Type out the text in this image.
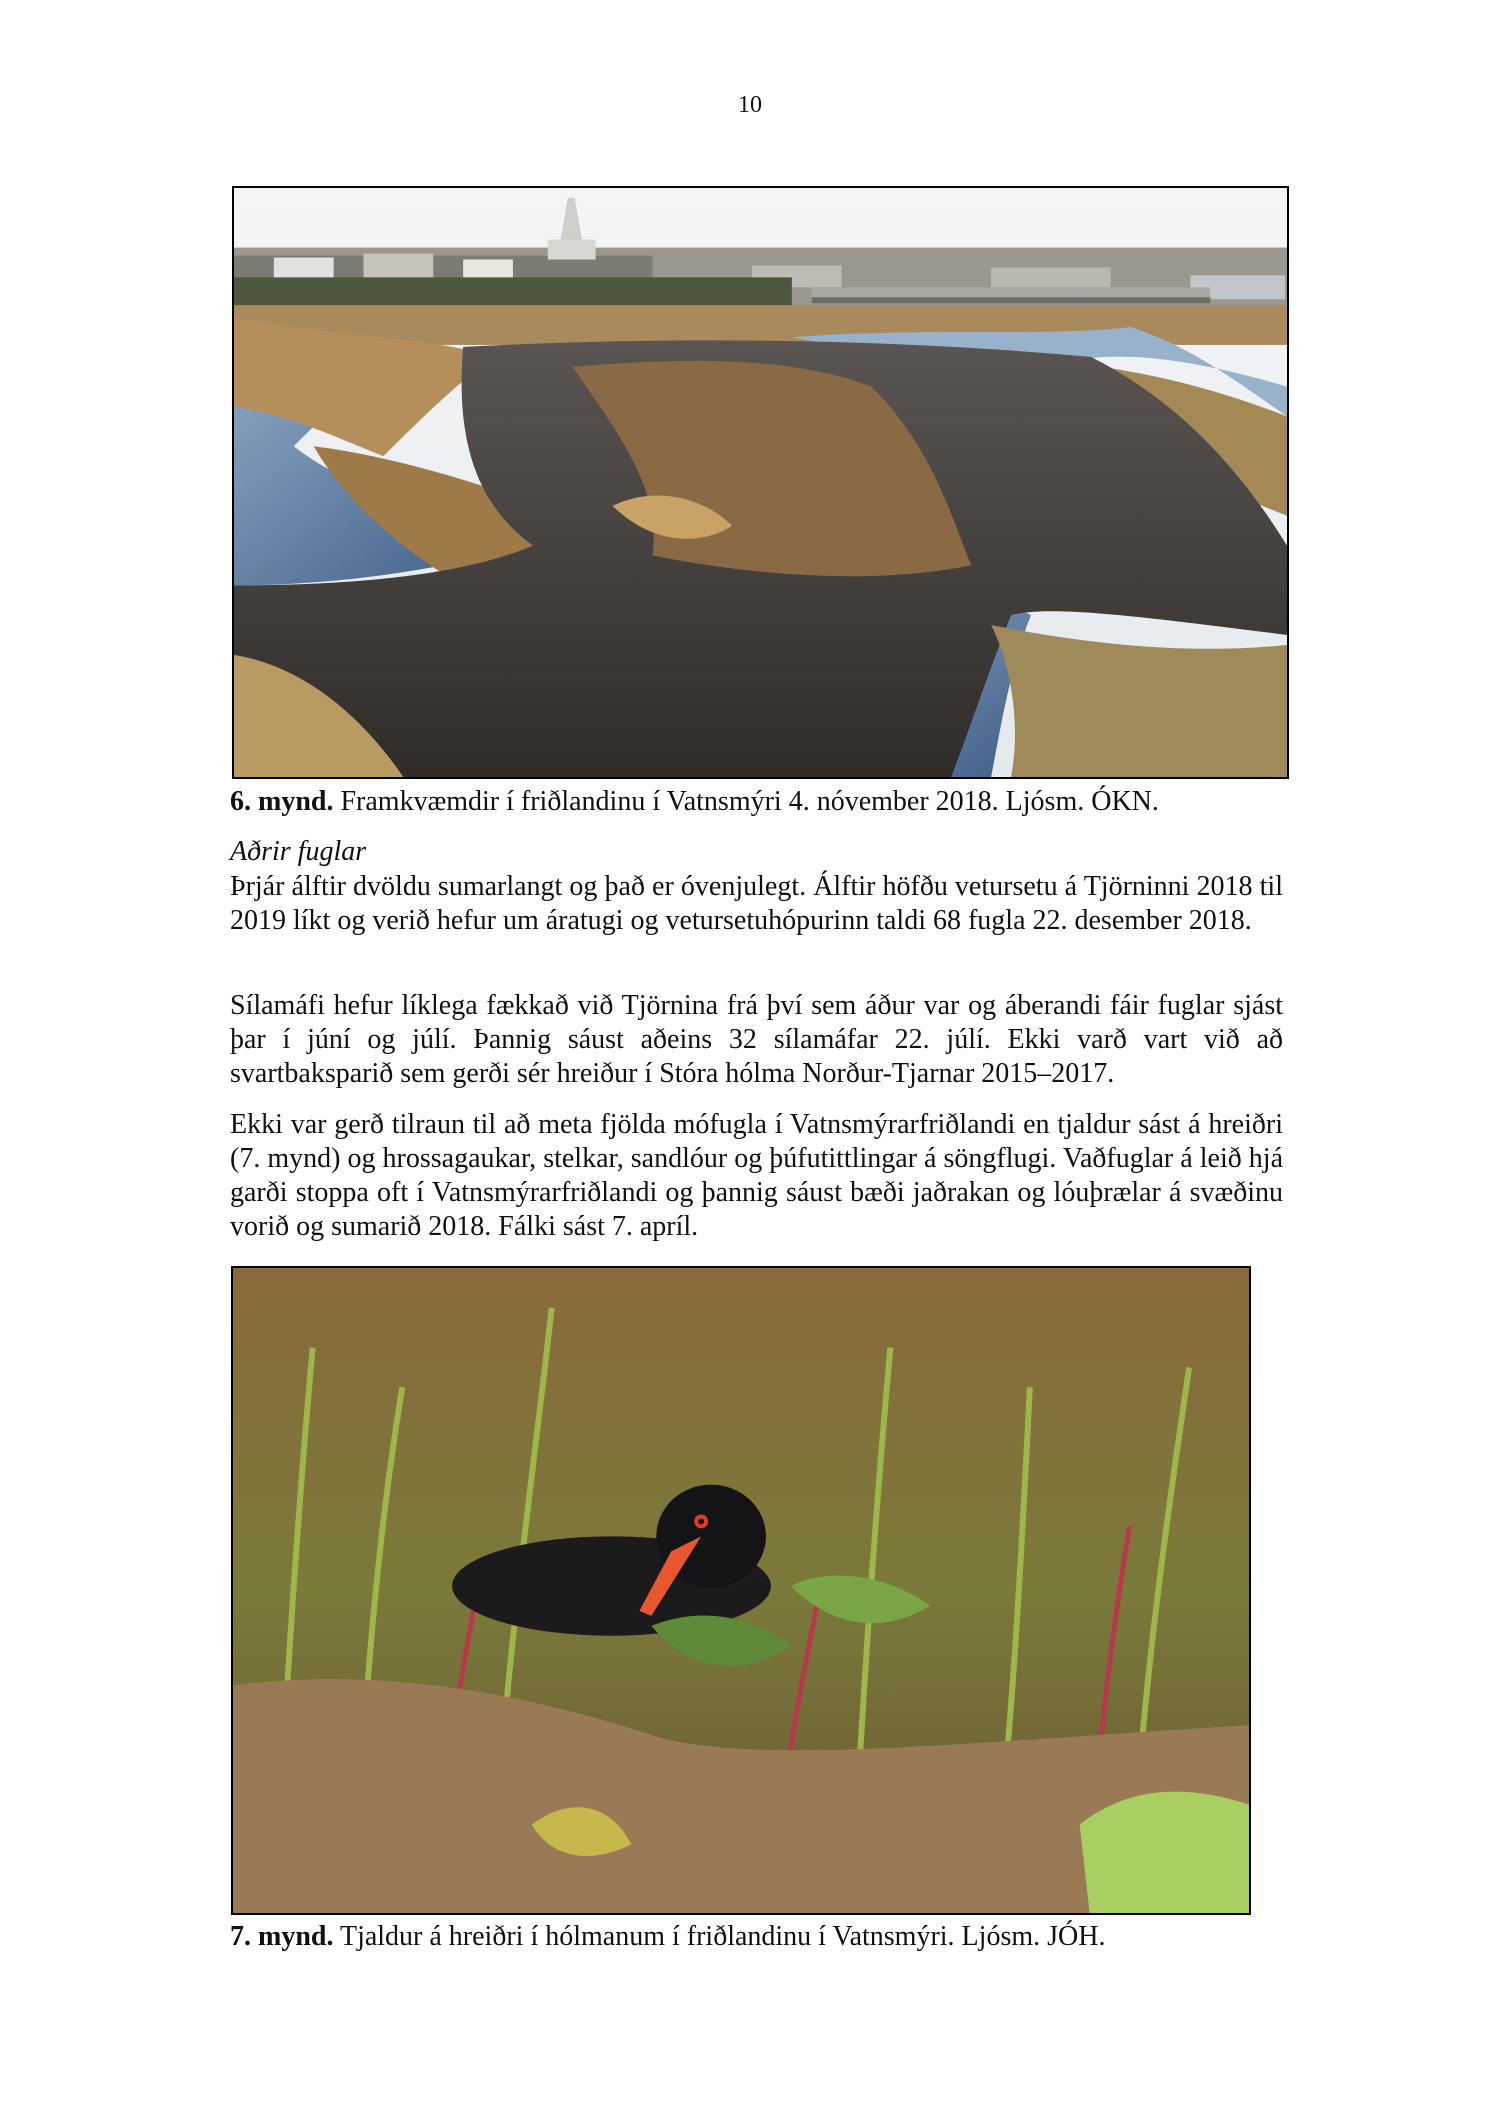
10
6. mynd. Framkvæmdir í friðlandinu í Vatnsmýri 4. nóvember 2018. Ljósm. ÓKN.
Aðrir fuglar
Þrjár álftir dvöldu sumarlangt og það er óvenjulegt. Álftir höfðu vetursetu á Tjörninni 2018 til 2019 líkt og verið hefur um áratugi og vetursetuhópurinn taldi 68 fugla 22. desember 2018.
Sílamáfi hefur líklega fækkað við Tjörnina frá því sem áður var og áberandi fáir fuglar sjást þar í júní og júlí. Þannig sáust aðeins 32 sílamáfar 22. júlí. Ekki varð vart við að svartbaksparið sem gerði sér hreiður í Stóra hólma Norður-Tjarnar 2015–2017.
Ekki var gerð tilraun til að meta fjölda mófugla í Vatnsmýrarfriðlandi en tjaldur sást á hreiðri (7. mynd) og hrossagaukar, stelkar, sandlóur og þúfutittlingar á söngflugi. Vaðfuglar á leið hjá garði stoppa oft í Vatnsmýrarfriðlandi og þannig sáust bæði jaðrakan og lóuþrælar á svæðinu vorið og sumarið 2018. Fálki sást 7. apríl.
7. mynd. Tjaldur á hreiðri í hólmanum í friðlandinu í Vatnsmýri. Ljósm. JÓH.
